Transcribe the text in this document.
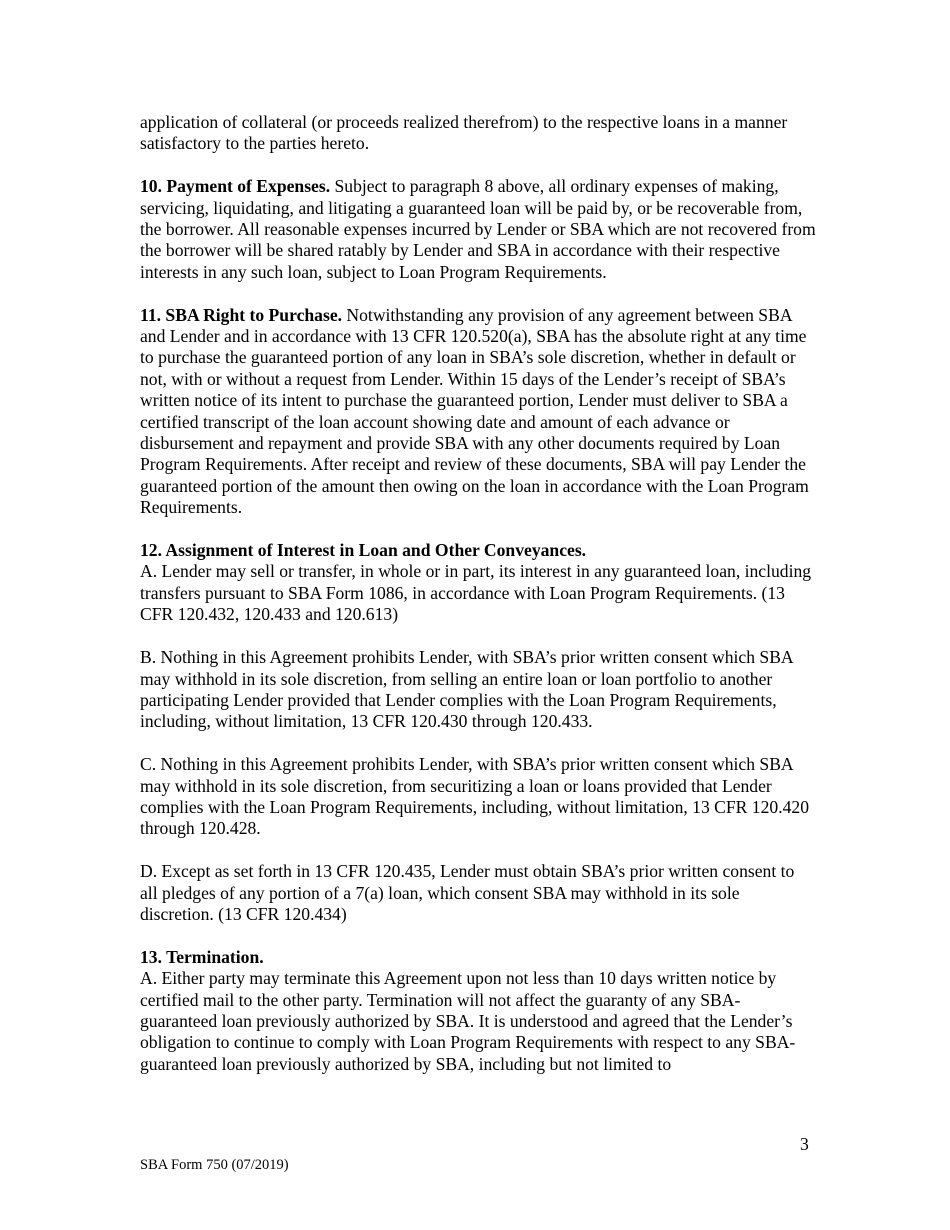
application of collateral (or proceeds realized therefrom) to the respective loans in a manner satisfactory to the parties hereto.

10. Payment of Expenses. Subject to paragraph 8 above, all ordinary expenses of making, servicing, liquidating, and litigating a guaranteed loan will be paid by, or be recoverable from, the borrower. All reasonable expenses incurred by Lender or SBA which are not recovered from the borrower will be shared ratably by Lender and SBA in accordance with their respective interests in any such loan, subject to Loan Program Requirements.

11. SBA Right to Purchase. Notwithstanding any provision of any agreement between SBA and Lender and in accordance with 13 CFR 120.520(a), SBA has the absolute right at any time to purchase the guaranteed portion of any loan in SBA’s sole discretion, whether in default or not, with or without a request from Lender. Within 15 days of the Lender’s receipt of SBA’s written notice of its intent to purchase the guaranteed portion, Lender must deliver to SBA a certified transcript of the loan account showing date and amount of each advance or disbursement and repayment and provide SBA with any other documents required by Loan Program Requirements. After receipt and review of these documents, SBA will pay Lender the guaranteed portion of the amount then owing on the loan in accordance with the Loan Program Requirements.

12. Assignment of Interest in Loan and Other Conveyances.

A. Lender may sell or transfer, in whole or in part, its interest in any guaranteed loan, including transfers pursuant to SBA Form 1086, in accordance with Loan Program Requirements. (13 CFR 120.432, 120.433 and 120.613)

B. Nothing in this Agreement prohibits Lender, with SBA’s prior written consent which SBA may withhold in its sole discretion, from selling an entire loan or loan portfolio to another participating Lender provided that Lender complies with the Loan Program Requirements, including, without limitation, 13 CFR 120.430 through 120.433.

C. Nothing in this Agreement prohibits Lender, with SBA’s prior written consent which SBA may withhold in its sole discretion, from securitizing a loan or loans provided that Lender complies with the Loan Program Requirements, including, without limitation, 13 CFR 120.420 through 120.428.

D. Except as set forth in 13 CFR 120.435, Lender must obtain SBA’s prior written consent to all pledges of any portion of a 7(a) loan, which consent SBA may withhold in its sole discretion. (13 CFR 120.434)

13. Termination.

A. Either party may terminate this Agreement upon not less than 10 days written notice by certified mail to the other party. Termination will not affect the guaranty of any SBA-guaranteed loan previously authorized by SBA. It is understood and agreed that the Lender’s obligation to continue to comply with Loan Program Requirements with respect to any SBA-guaranteed loan previously authorized by SBA, including but not limited to

3
SBA Form 750 (07/2019)
